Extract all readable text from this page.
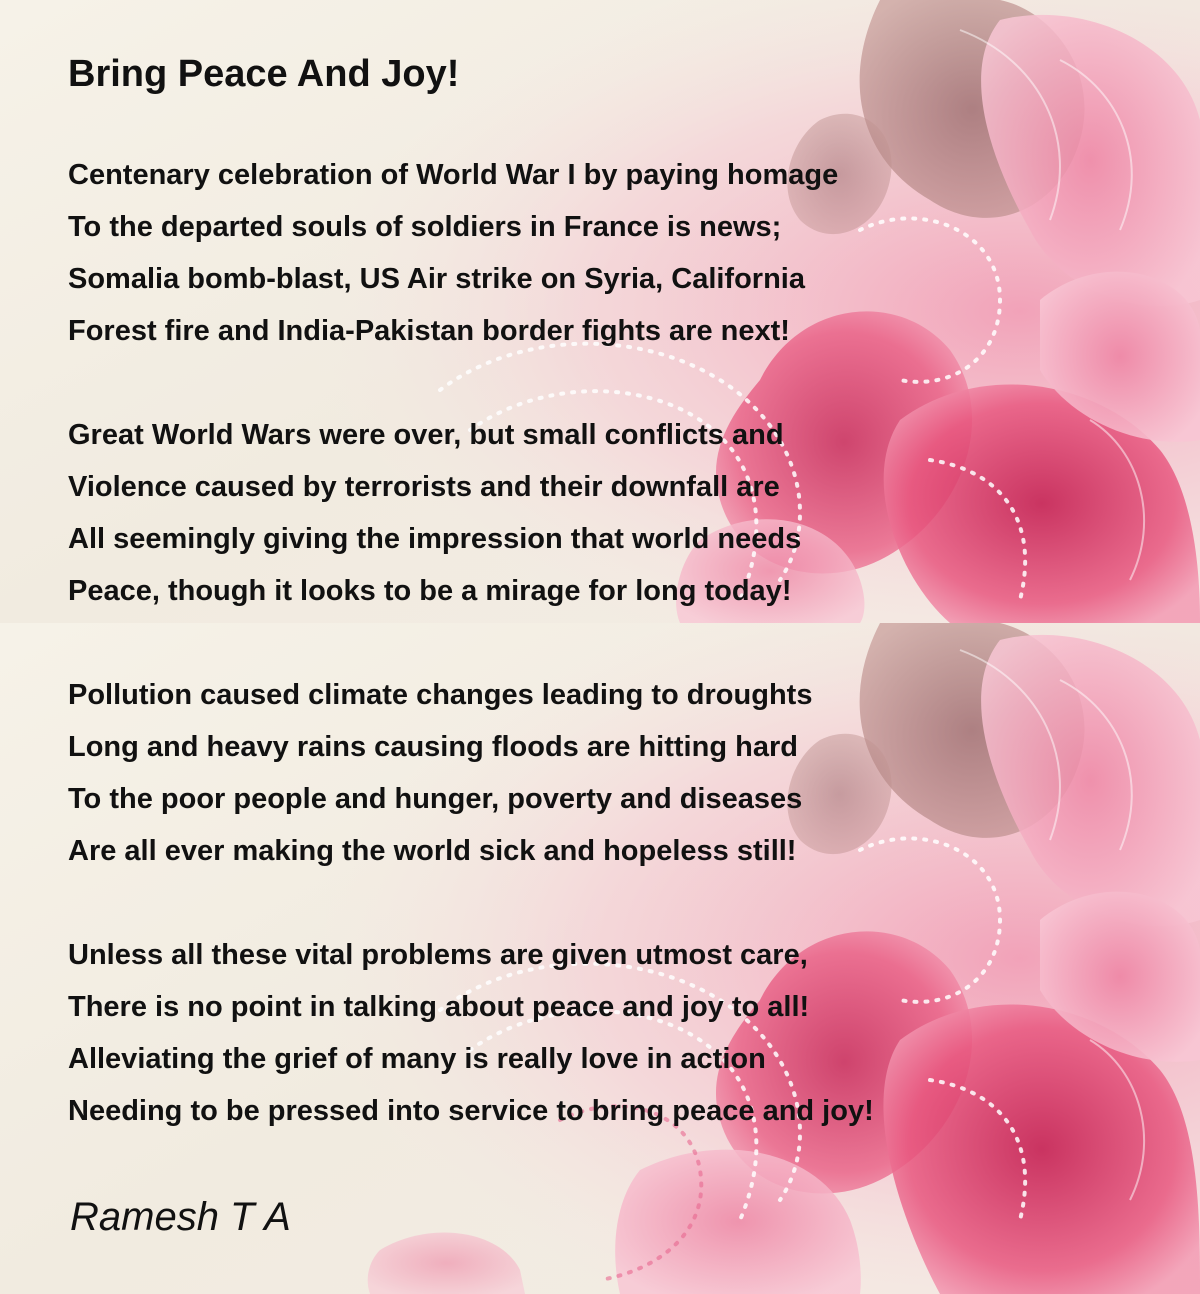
Bring Peace And Joy!
Centenary celebration of World War I by paying homage
To the departed souls of soldiers in France is news;
Somalia bomb-blast, US Air strike on Syria, California
Forest fire and India-Pakistan border fights are next!
Great World Wars were over, but small conflicts and
Violence caused by terrorists and their downfall are
All seemingly giving the impression that world needs
Peace, though it looks to be a mirage for long today!
Pollution caused climate changes leading to droughts
Long and heavy rains causing floods are hitting hard
To the poor people and hunger, poverty and diseases
Are all ever making the world sick and hopeless still!
Unless all these vital problems are given utmost care,
There is no point in talking about peace and joy to all!
Alleviating the grief of many is really love in action
Needing to be pressed into service to bring peace and joy!
Ramesh T A
